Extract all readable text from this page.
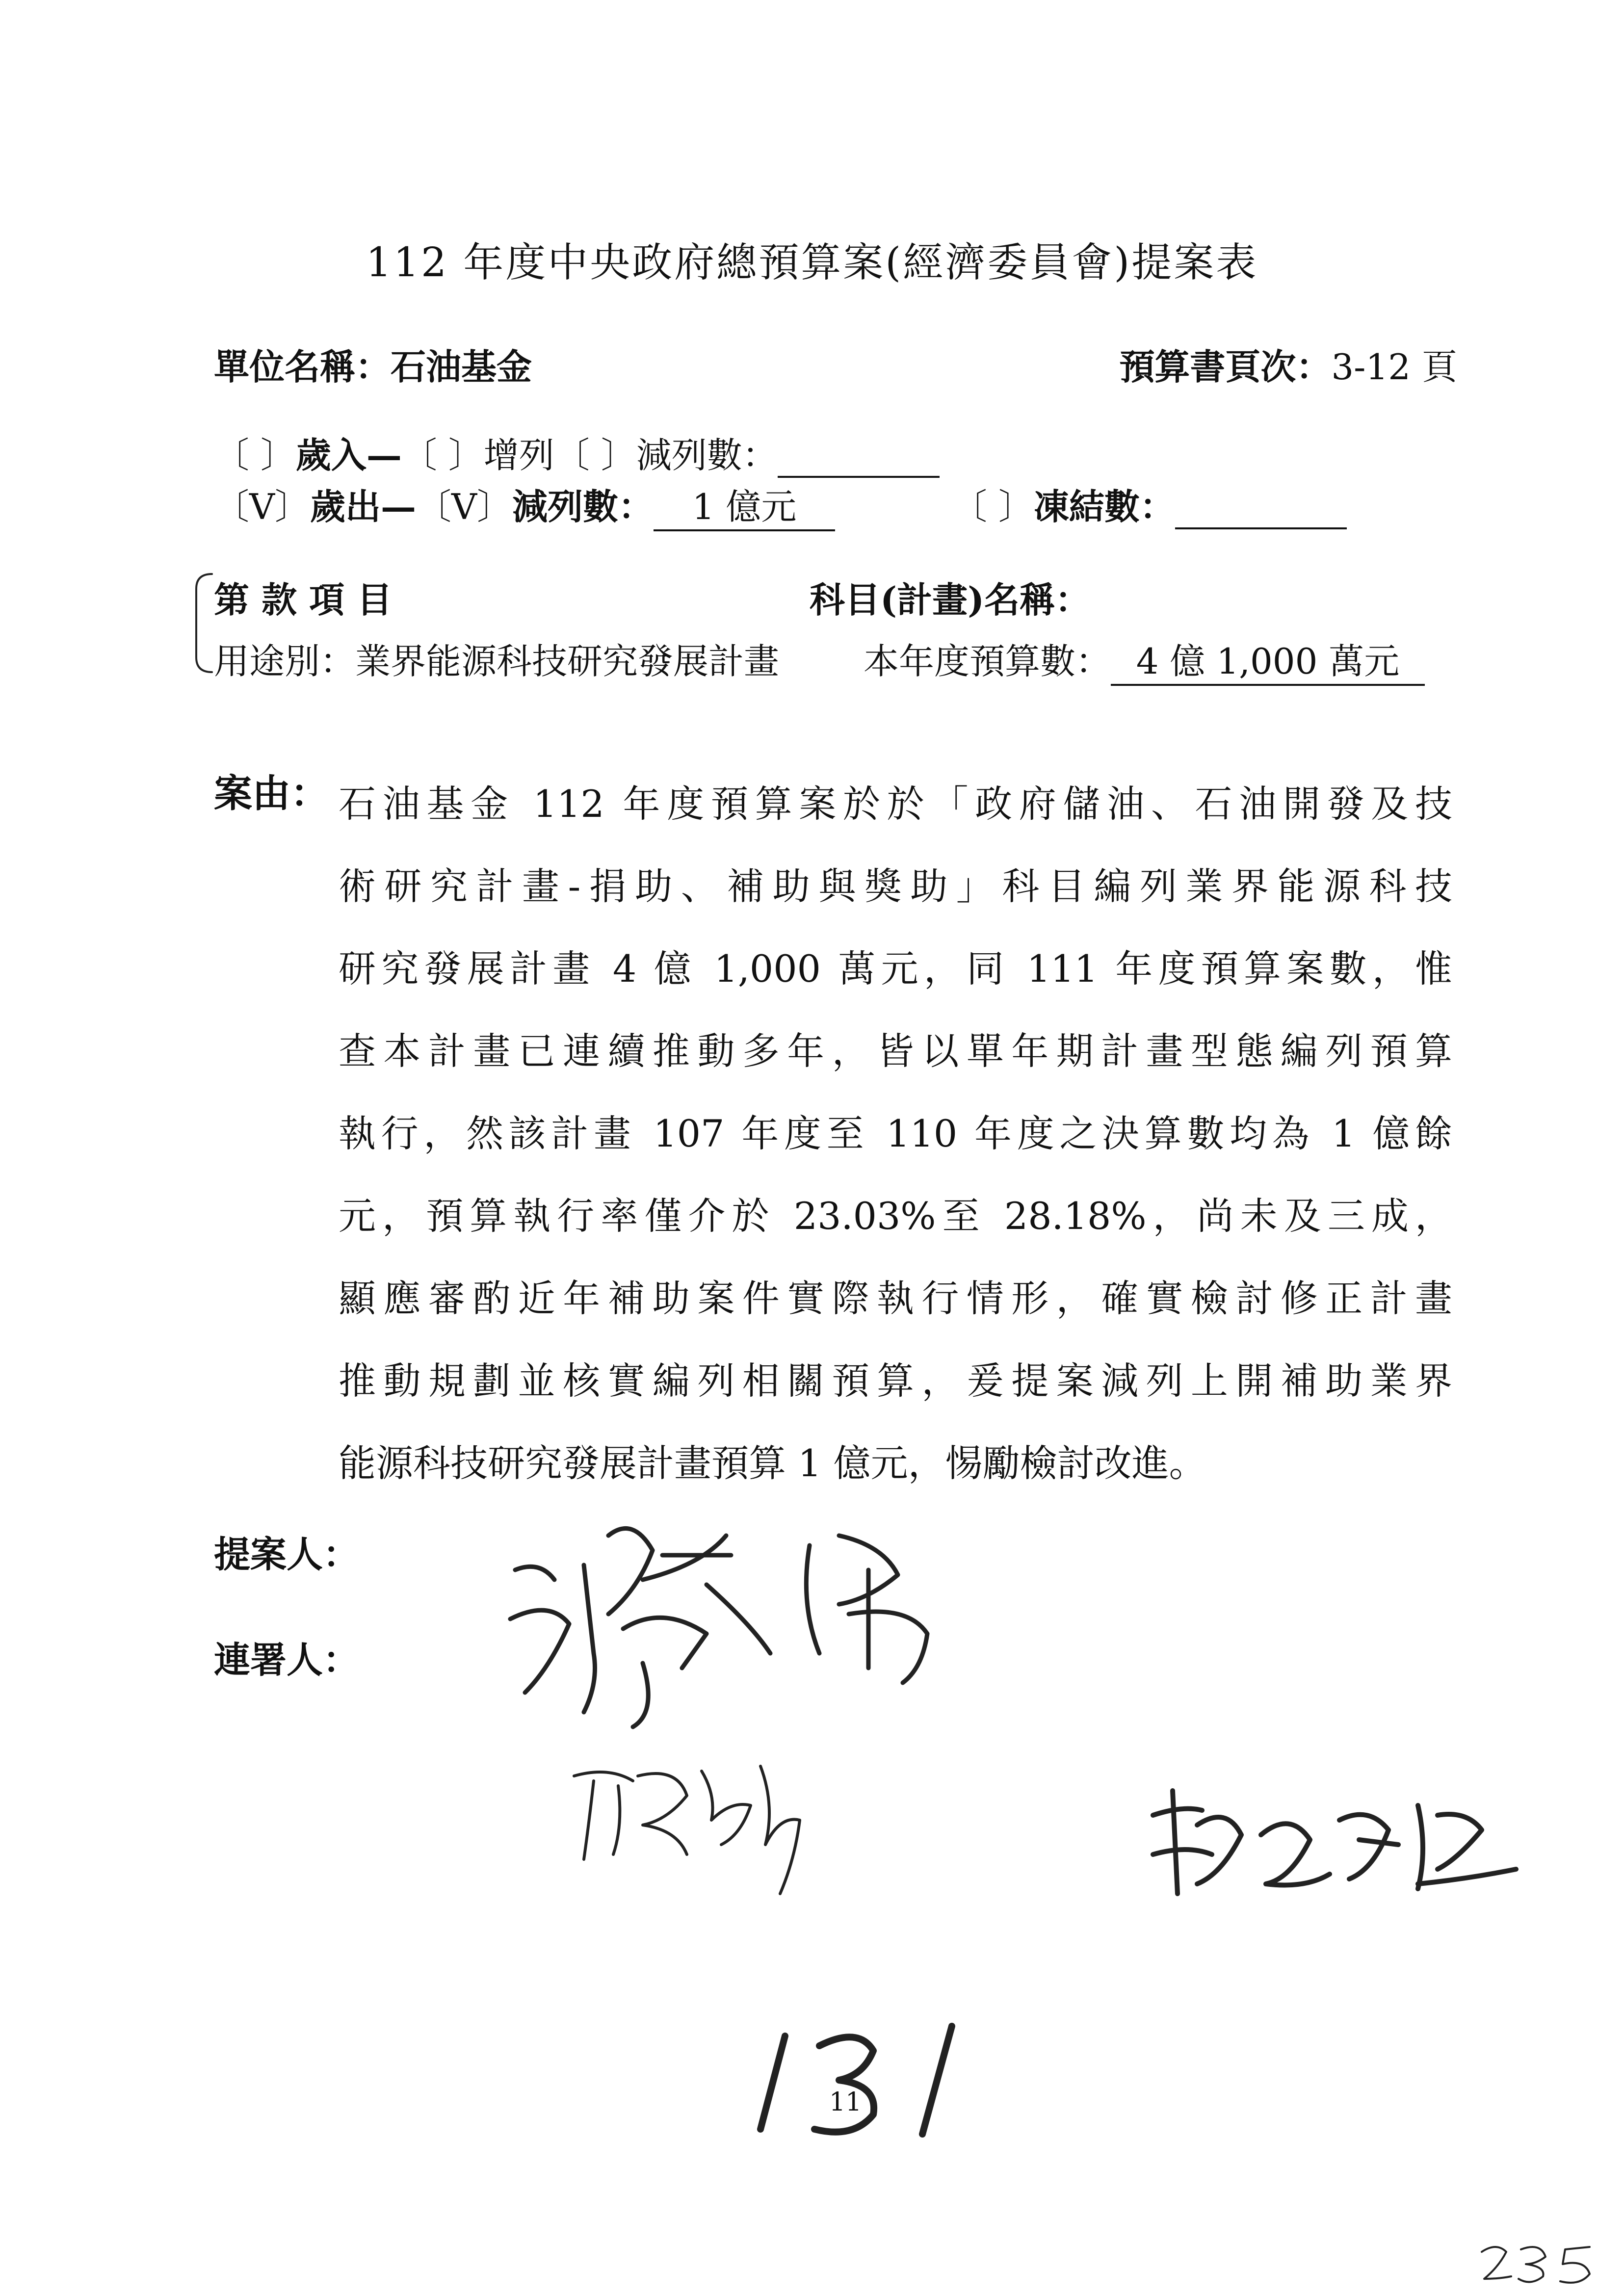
112 年度中央政府總預算案(經濟委員會)提案表
單位名稱：石油基金	預算書頁次：3-12 頁
〔 〕歲入—〔 〕增列〔 〕減列數：
〔V〕歲出—〔V〕減列數： 1 億元	〔 〕凍結數：
第 款 項 目	科目(計畫)名稱：
用途別：業界能源科技研究發展計畫 本年度預算數： 4 億 1,000 萬元
案由： 石油基金 112 年度預算案於於「政府儲油、石油開發及技
術研究計畫-捐助、補助與獎助」科目編列業界能源科技
研究發展計畫 4 億 1,000 萬元，同 111 年度預算案數，惟
查本計畫已連續推動多年，皆以單年期計畫型態編列預算
執行，然該計畫 107 年度至 110 年度之決算數均為 1 億餘
元，預算執行率僅介於 23.03%至 28.18%，尚未及三成，
顯應審酌近年補助案件實際執行情形，確實檢討修正計畫
推動規劃並核實編列相關預算，爰提案減列上開補助業界
能源科技研究發展計畫預算 1 億元，惕勵檢討改進。
提案人：
連署人：
131
11
235
